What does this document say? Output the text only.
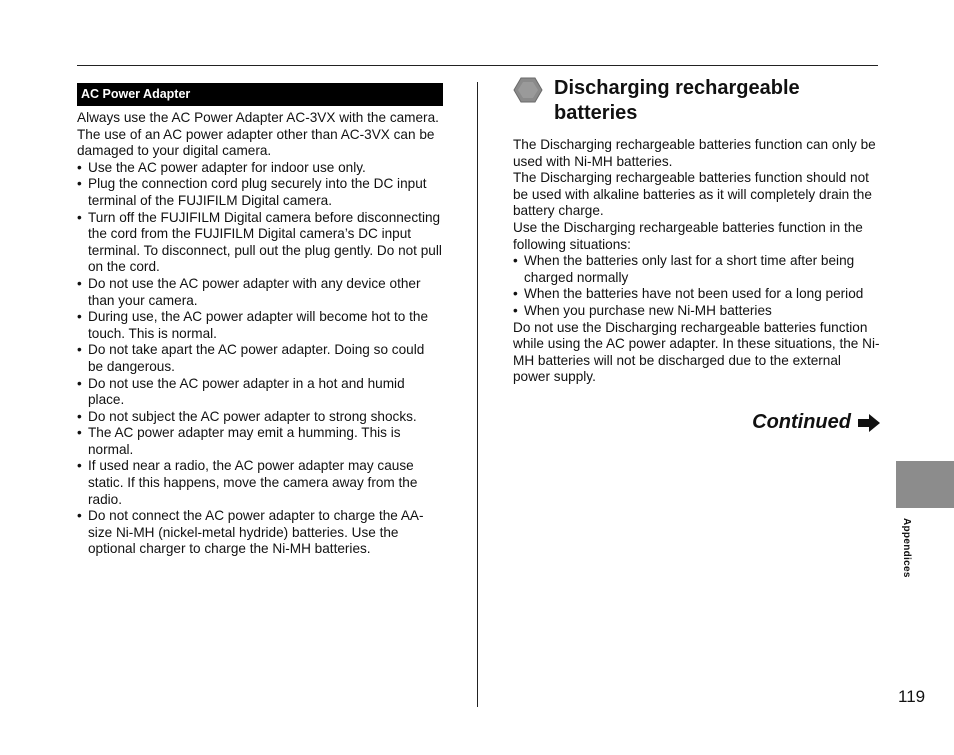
AC Power Adapter

Always use the AC Power Adapter AC-3VX with the camera.

The use of an AC power adapter other than AC-3VX can be damaged to your digital camera.

• Use the AC power adapter for indoor use only.
• Plug the connection cord plug securely into the DC input terminal of the FUJIFILM Digital camera.
• Turn off the FUJIFILM Digital camera before disconnecting the cord from the FUJIFILM Digital camera’s DC input terminal. To disconnect, pull out the plug gently. Do not pull on the cord.
• Do not use the AC power adapter with any device other than your camera.
• During use, the AC power adapter will become hot to the touch. This is normal.
• Do not take apart the AC power adapter. Doing so could be dangerous.
• Do not use the AC power adapter in a hot and humid place.
• Do not subject the AC power adapter to strong shocks.
• The AC power adapter may emit a humming. This is normal.
• If used near a radio, the AC power adapter may cause static. If this happens, move the camera away from the radio.
• Do not connect the AC power adapter to charge the AA-size Ni-MH (nickel-metal hydride) batteries. Use the optional charger to charge the Ni-MH batteries.
Discharging rechargeable batteries

The Discharging rechargeable batteries function can only be used with Ni-MH batteries.

The Discharging rechargeable batteries function should not be used with alkaline batteries as it will completely drain the battery charge.

Use the Discharging rechargeable batteries function in the following situations:

• When the batteries only last for a short time after being charged normally
• When the batteries have not been used for a long period
• When you purchase new Ni-MH batteries

Do not use the Discharging rechargeable batteries function while using the AC power adapter. In these situations, the Ni-MH batteries will not be discharged due to the external power supply.

Continued
Appendices
119
